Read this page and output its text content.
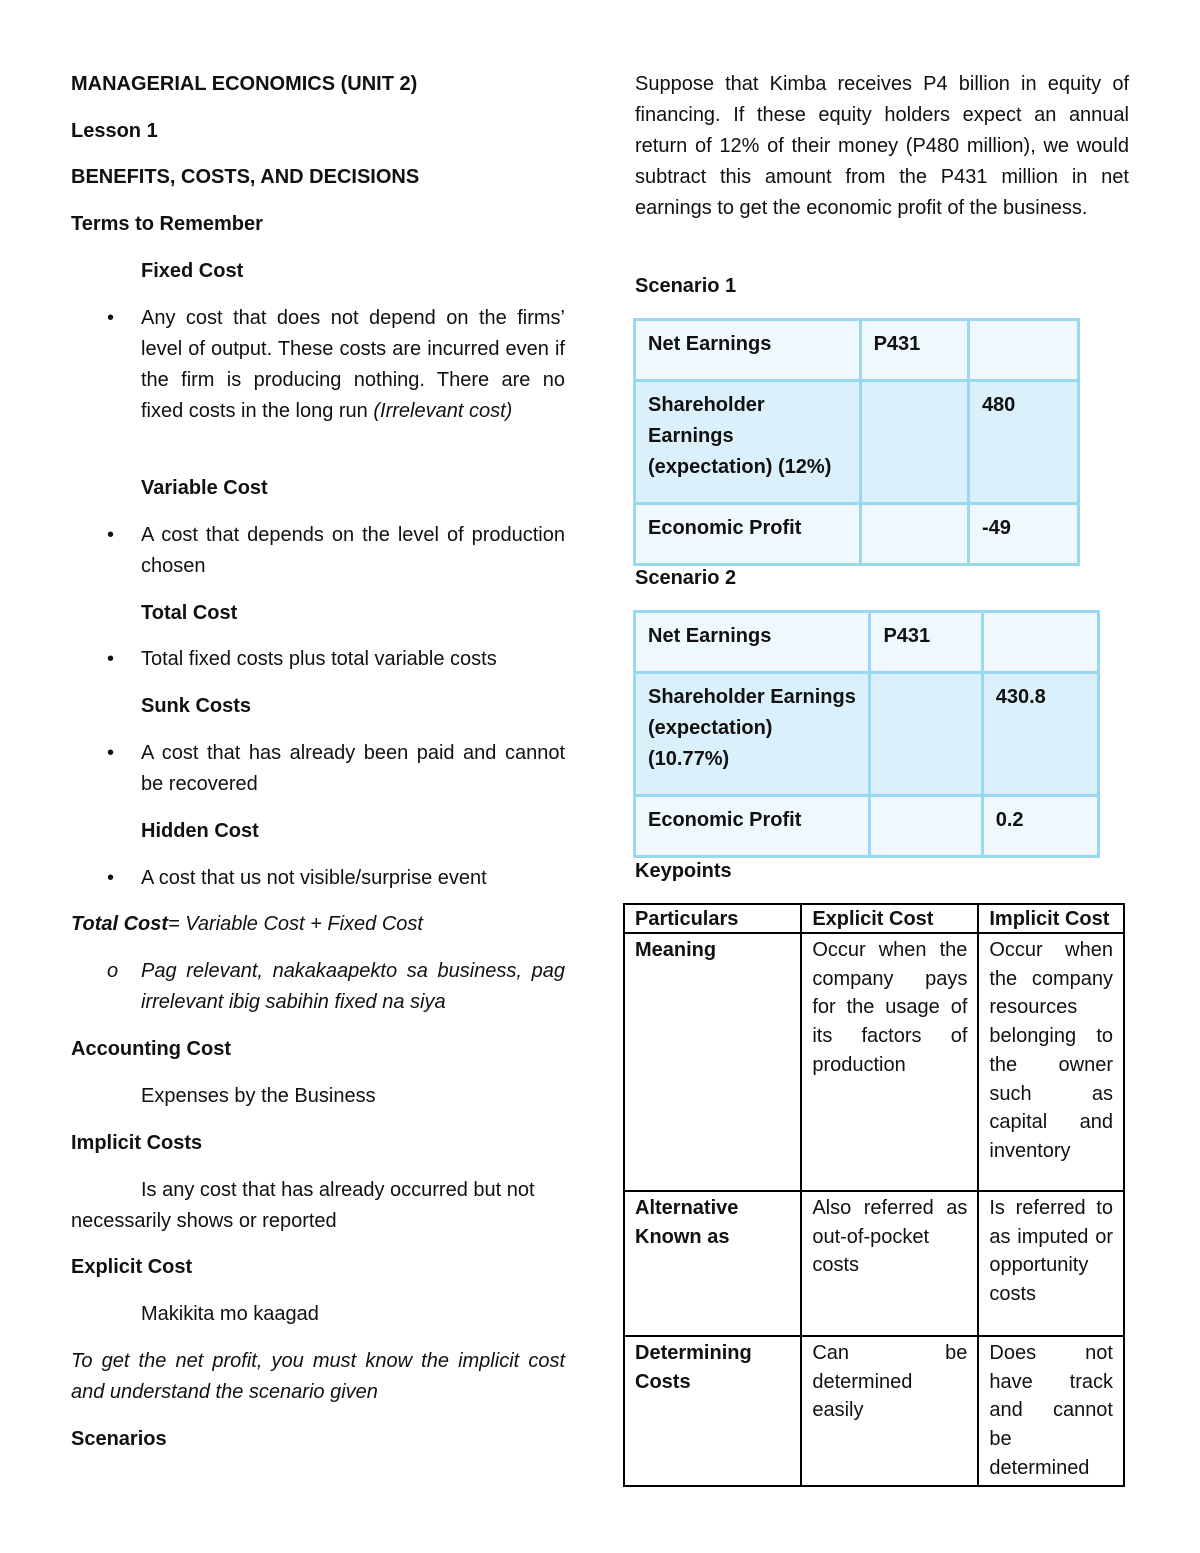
MANAGERIAL ECONOMICS (UNIT 2)

Lesson 1

BENEFITS, COSTS, AND DECISIONS

Terms to Remember

Fixed Cost

• Any cost that does not depend on the firms’ level of output. These costs are incurred even if the firm is producing nothing. There are no fixed costs in the long run (Irrelevant cost)

Variable Cost

• A cost that depends on the level of production chosen

Total Cost

• Total fixed costs plus total variable costs

Sunk Costs

• A cost that has already been paid and cannot be recovered

Hidden Cost

• A cost that us not visible/surprise event

Total Cost= Variable Cost + Fixed Cost

o Pag relevant, nakakaapekto sa business, pag irrelevant ibig sabihin fixed na siya

Accounting Cost

Expenses by the Business

Implicit Costs

Is any cost that has already occurred but not

necessarily shows or reported

Explicit Cost

Makikita mo kaagad

To get the net profit, you must know the implicit cost and understand the scenario given

Scenarios

Suppose that Kimba receives P4 billion in equity of financing. If these equity holders expect an annual return of 12% of their money (P480 million), we would subtract this amount from the P431 million in net earnings to get the economic profit of the business.

Scenario 1

Scenario 2

Keypoints

Net Earnings	P431	
Shareholder Earnings (expectation) (12%)		480
Economic Profit		-49
Net Earnings	P431	
Shareholder Earnings (expectation) (10.77%)		430.8
Economic Profit		0.2
Particulars	Explicit Cost	Implicit Cost
Meaning	Occur when the company pays for the usage of its factors of production	Occur when the company resources belonging to the owner such as capital and inventory
Alternative Known as	Also referred as out-of-pocket costs	Is referred to as imputed or opportunity costs
Determining Costs	Can be determined easily	Does not have track and cannot be determined
